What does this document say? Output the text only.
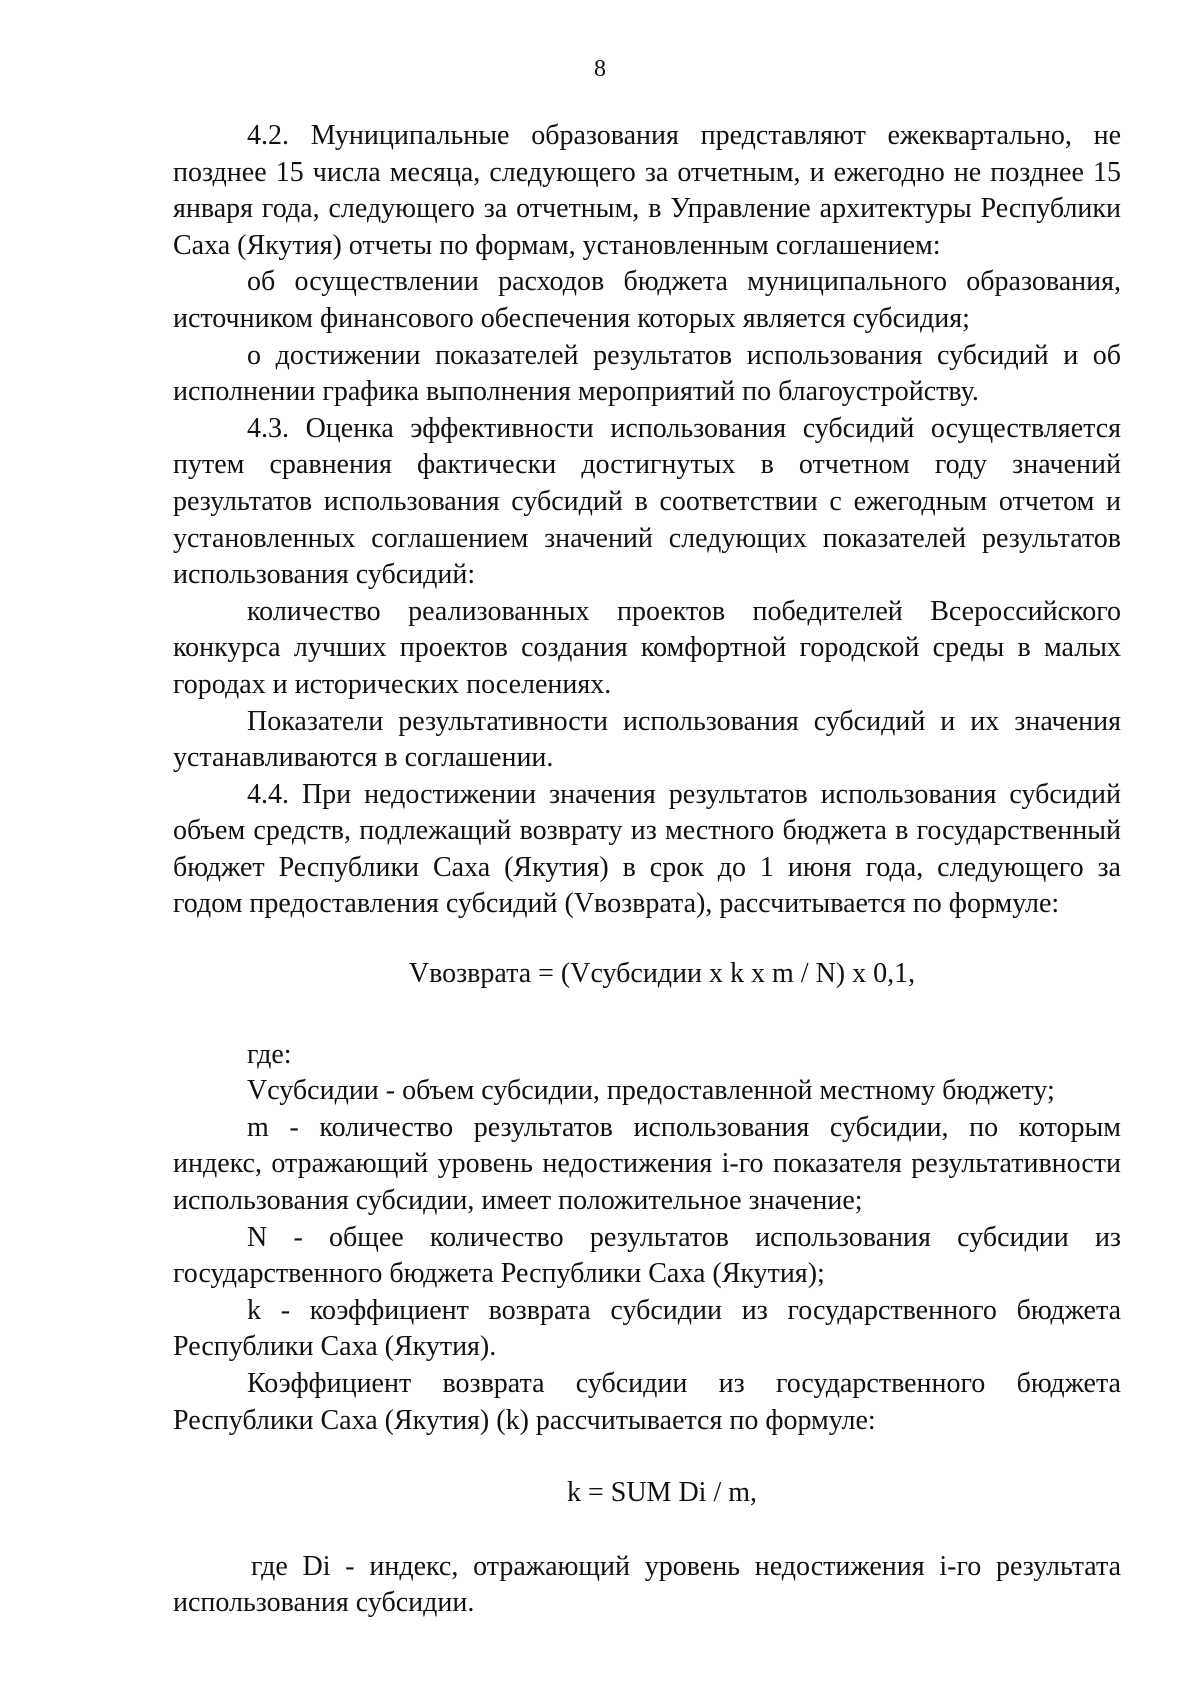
8

4.2. Муниципальные образования представляют ежеквартально, не позднее 15 числа месяца, следующего за отчетным, и ежегодно не позднее 15 января года, следующего за отчетным, в Управление архитектуры Республики Саха (Якутия) отчеты по формам, установленным соглашением:

об осуществлении расходов бюджета муниципального образования, источником финансового обеспечения которых является субсидия;

о достижении показателей результатов использования субсидий и об исполнении графика выполнения мероприятий по благоустройству.

4.3. Оценка эффективности использования субсидий осуществляется путем сравнения фактически достигнутых в отчетном году значений результатов использования субсидий в соответствии с ежегодным отчетом и установленных соглашением значений следующих показателей результатов использования субсидий:

количество реализованных проектов победителей Всероссийского конкурса лучших проектов создания комфортной городской среды в малых городах и исторических поселениях.

Показатели результативности использования субсидий и их значения устанавливаются в соглашении.

4.4. При недостижении значения результатов использования субсидий объем средств, подлежащий возврату из местного бюджета в государственный бюджет Республики Саха (Якутия) в срок до 1 июня года, следующего за годом предоставления субсидий (Vвозврата), рассчитывается по формуле:

Vвозврата = (Vсубсидии x k x m / N) x 0,1,

где:

Vсубсидии - объем субсидии, предоставленной местному бюджету;

m - количество результатов использования субсидии, по которым индекс, отражающий уровень недостижения i-го показателя результативности использования субсидии, имеет положительное значение;

N - общее количество результатов использования субсидии из государственного бюджета Республики Саха (Якутия);

k - коэффициент возврата субсидии из государственного бюджета Республики Саха (Якутия).

Коэффициент возврата субсидии из государственного бюджета Республики Саха (Якутия) (k) рассчитывается по формуле:

k = SUM Di / m,

где Di - индекс, отражающий уровень недостижения i-го результата использования субсидии.
